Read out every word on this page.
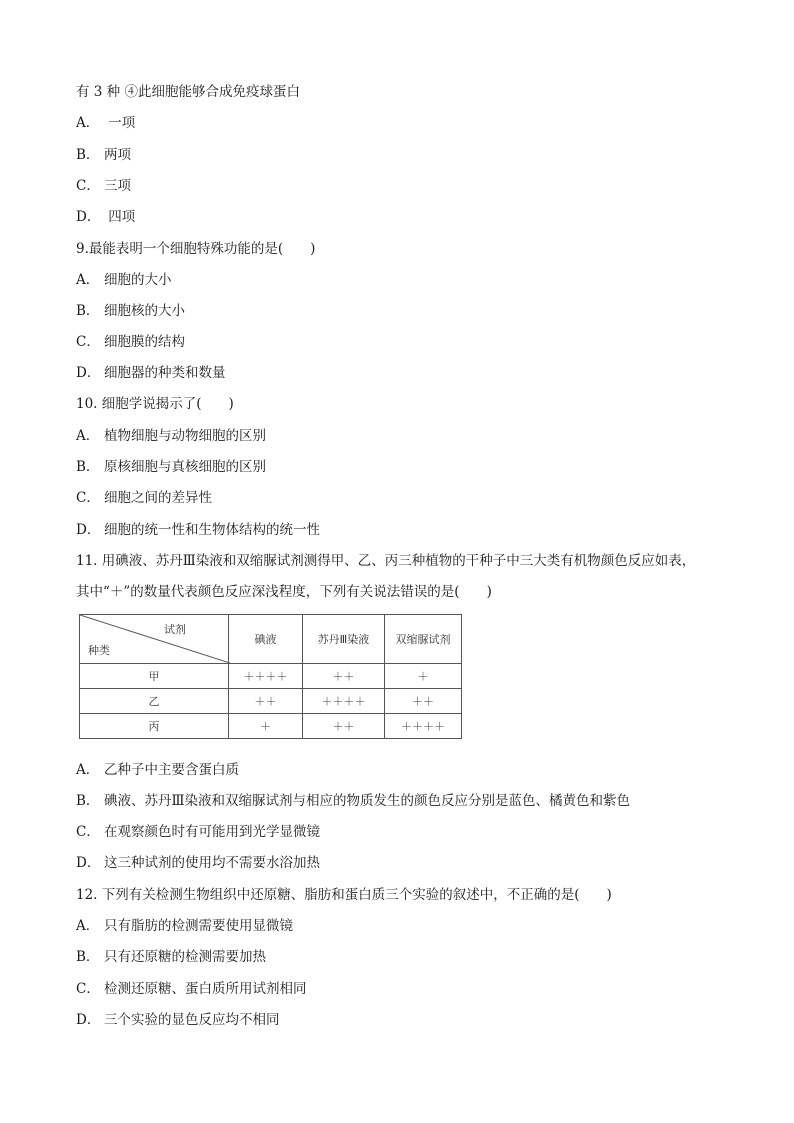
有 3 种 ④此细胞能够合成免疫球蛋白
A． 一项
B． 两项
C． 三项
D． 四项
9.最能表明一个细胞特殊功能的是(　　)
A． 细胞的大小
B． 细胞核的大小
C． 细胞膜的结构
D． 细胞器的种类和数量
10. 细胞学说揭示了(　　)
A． 植物细胞与动物细胞的区别
B． 原核细胞与真核细胞的区别
C． 细胞之间的差异性
D． 细胞的统一性和生物体结构的统一性
11. 用碘液、苏丹Ⅲ染液和双缩脲试剂测得甲、乙、丙三种植物的干种子中三大类有机物颜色反应如表，
其中“＋”的数量代表颜色反应深浅程度，下列有关说法错误的是(　　)
试剂
种类	碘液	苏丹Ⅲ染液	双缩脲试剂
甲	＋＋＋＋	＋＋	＋
乙	＋＋	＋＋＋＋	＋＋
丙	＋	＋＋	＋＋＋＋
A． 乙种子中主要含蛋白质
B． 碘液、苏丹Ⅲ染液和双缩脲试剂与相应的物质发生的颜色反应分别是蓝色、橘黄色和紫色
C． 在观察颜色时有可能用到光学显微镜
D． 这三种试剂的使用均不需要水浴加热
12. 下列有关检测生物组织中还原糖、脂肪和蛋白质三个实验的叙述中，不正确的是(　　)
A． 只有脂肪的检测需要使用显微镜
B． 只有还原糖的检测需要加热
C． 检测还原糖、蛋白质所用试剂相同
D． 三个实验的显色反应均不相同
